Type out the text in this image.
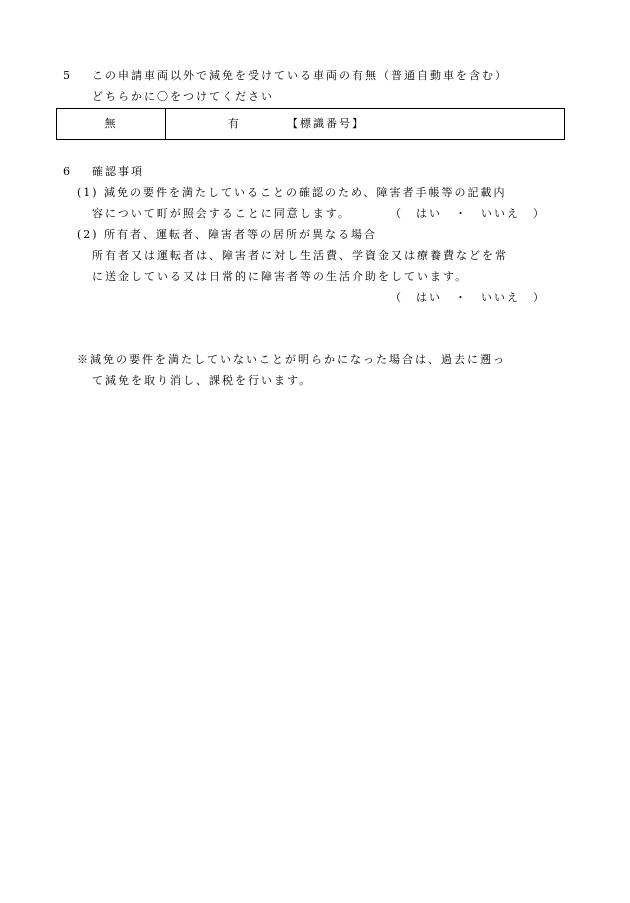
5 この申請車両以外で減免を受けている車両の有無（普通自動車を含む）
どちらかに〇をつけてください
無	有	【標識番号】
6 確認事項
(1) 減免の要件を満たしていることの確認のため、障害者手帳等の記載内
容について町が照会することに同意します。	（　はい　・　いいえ　）
(2) 所有者、運転者、障害者等の居所が異なる場合
所有者又は運転者は、障害者に対し生活費、学資金又は療養費などを常
に送金している又は日常的に障害者等の生活介助をしています。
（　はい　・　いいえ　）
※減免の要件を満たしていないことが明らかになった場合は、過去に遡っ
て減免を取り消し、課税を行います。
